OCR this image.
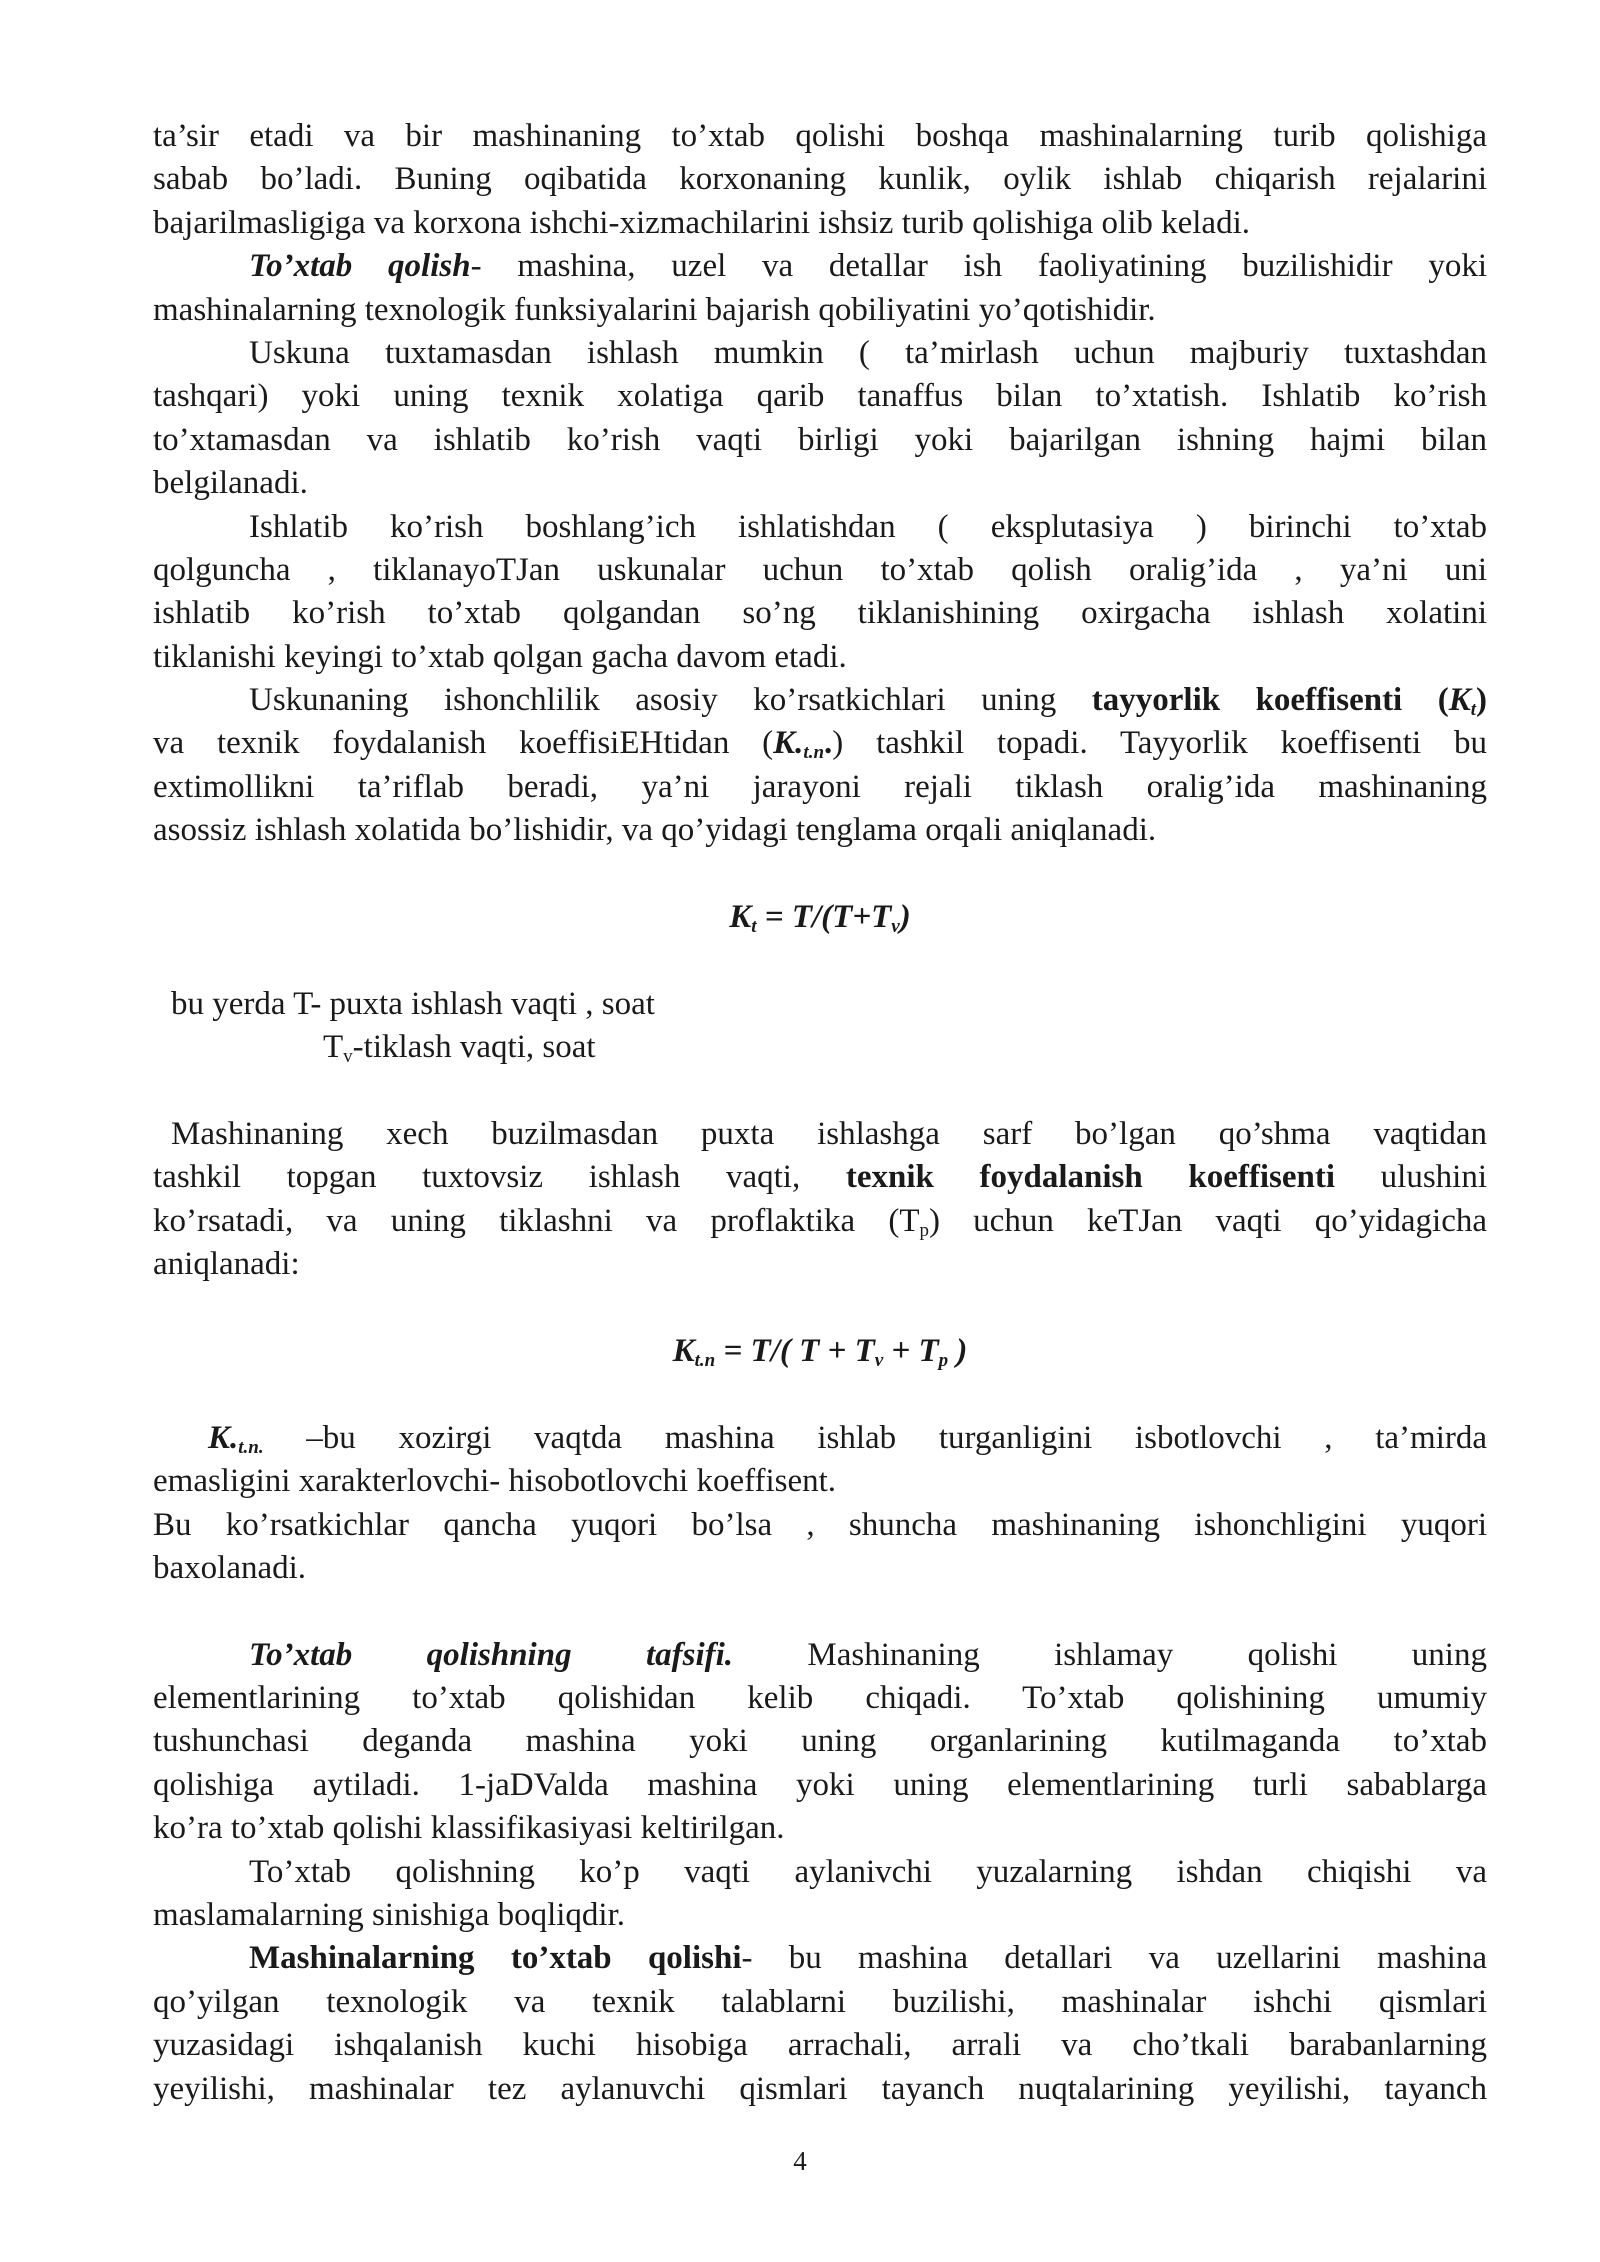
ta’sir etadi va bir mashinaning to’xtab qolishi boshqa mashinalarning turib qolishiga
sabab bo’ladi. Buning oqibatida korxonaning kunlik, oylik ishlab chiqarish rejalarini
bajarilmasligiga va korxona ishchi-xizmachilarini ishsiz turib qolishiga olib keladi.
To’xtab qolish- mashina, uzel va detallar ish faoliyatining buzilishidir yoki
mashinalarning texnologik funksiyalarini bajarish qobiliyatini yo’qotishidir.
Uskuna tuxtamasdan ishlash mumkin ( ta’mirlash uchun majburiy tuxtashdan
tashqari) yoki uning texnik xolatiga qarib tanaffus bilan to’xtatish. Ishlatib ko’rish
to’xtamasdan va ishlatib ko’rish vaqti birligi yoki bajarilgan ishning hajmi bilan
belgilanadi.
Ishlatib ko’rish boshlang’ich ishlatishdan ( eksplutasiya ) birinchi to’xtab
qolguncha , tiklanayoTJan uskunalar uchun to’xtab qolish oralig’ida , ya’ni uni
ishlatib ko’rish to’xtab qolgandan so’ng tiklanishining oxirgacha ishlash xolatini
tiklanishi keyingi to’xtab qolgan gacha davom etadi.
Uskunaning ishonchlilik asosiy ko’rsatkichlari uning tayyorlik koeffisenti $(K_t)$
va texnik foydalanish koeffisiEHtidan $(K._{t.n}.)$ tashkil topadi. Tayyorlik koeffisenti bu
extimollikni ta’riflab beradi, ya’ni jarayoni rejali tiklash oralig’ida mashinaning
asossiz ishlash xolatida bo’lishidir, va qo’yidagi tenglama orqali aniqlanadi.
$K_t = T/(T+T_v)$
bu yerda T- puxta ishlash vaqti , soat
$T_v$-tiklash vaqti, soat
Mashinaning xech buzilmasdan puxta ishlashga sarf bo’lgan qo’shma vaqtidan
tashkil topgan tuxtovsiz ishlash vaqti, texnik foydalanish koeffisenti ulushini
ko’rsatadi, va uning tiklashni va proflaktika $(T_p)$ uchun keTJan vaqti qo’yidagicha
aniqlanadi:
$K_{t.n} = T/$( $T + T_v + T_p$ )
$K._{t.n.}$ –bu xozirgi vaqtda mashina ishlab turganligini isbotlovchi , ta’mirda
emasligini xarakterlovchi- hisobotlovchi koeffisent.
Bu ko’rsatkichlar qancha yuqori bo’lsa , shuncha mashinaning ishonchligini yuqori
baxolanadi.
To’xtab qolishning tafsifi. Mashinaning ishlamay qolishi uning
elementlarining to’xtab qolishidan kelib chiqadi. To’xtab qolishining umumiy
tushunchasi deganda mashina yoki uning organlarining kutilmaganda to’xtab
qolishiga aytiladi. 1-jaDValda mashina yoki uning elementlarining turli sabablarga
ko’ra to’xtab qolishi klassifikasiyasi keltirilgan.
To’xtab qolishning ko’p vaqti aylanivchi yuzalarning ishdan chiqishi va
maslamalarning sinishiga boqliqdir.
Mashinalarning to’xtab qolishi- bu mashina detallari va uzellarini mashina
qo’yilgan texnologik va texnik talablarni buzilishi, mashinalar ishchi qismlari
yuzasidagi ishqalanish kuchi hisobiga arrachali, arrali va cho’tkali barabanlarning
yeyilishi, mashinalar tez aylanuvchi qismlari tayanch nuqtalarining yeyilishi, tayanch
4
